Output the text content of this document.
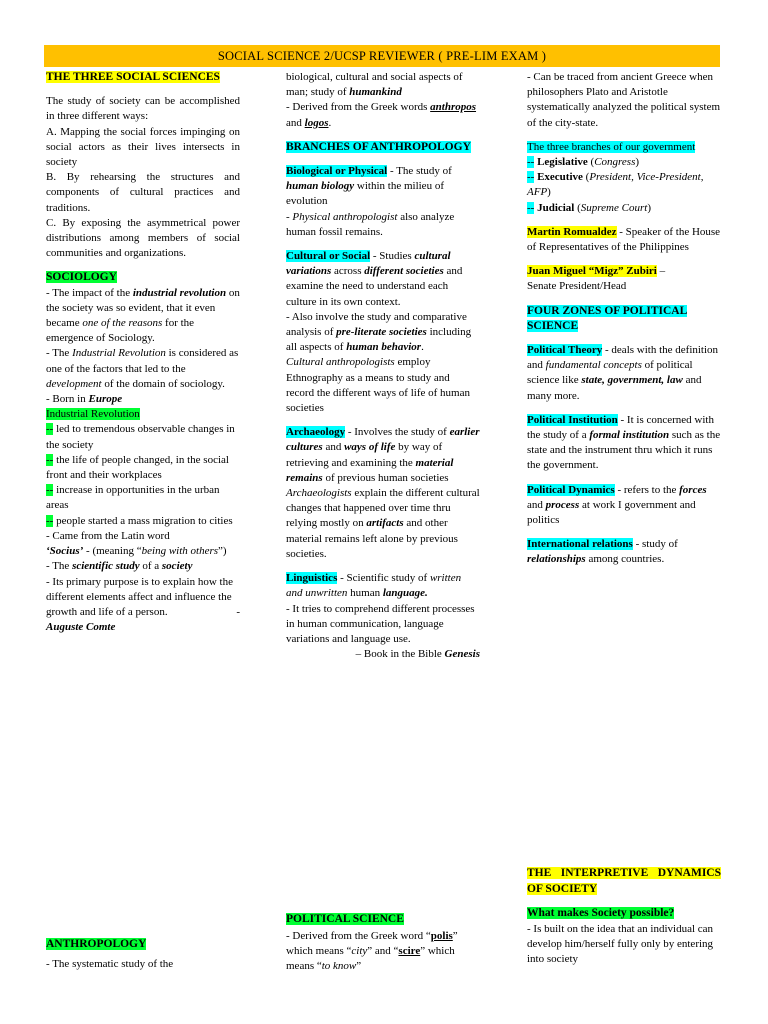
SOCIAL SCIENCE 2/UCSP REVIEWER ( PRE-LIM EXAM )

THE THREE SOCIAL SCIENCES

The study of society can be accomplished in three different ways:

A. Mapping the social forces impinging on social actors as their lives intersects in society

B. By rehearsing the structures and components of cultural practices and traditions.

C. By exposing the asymmetrical power distributions among members of social communities and organizations.

SOCIOLOGY

- The impact of the industrial revolution on the society was so evident, that it even became one of the reasons for the emergence of Sociology.

- The Industrial Revolution is considered as one of the factors that led to the development of the domain of sociology.

- Born in Europe

Industrial Revolution

-- led to tremendous observable changes in the society

-- the life of people changed, in the social front and their workplaces

-- increase in opportunities in the urban areas

-- people started a mass migration to cities

- Came from the Latin word
‘Socius’ - (meaning “being with others”)

- The scientific study of a society

- Its primary purpose is to explain how the different elements affect and influence the growth and life of a person.	-
Auguste Comte

ANTHROPOLOGY

- The systematic study of the

biological, cultural and social aspects of man; study of humankind

- Derived from the Greek words anthropos and logos.

BRANCHES OF ANTHROPOLOGY

Biological or Physical - The study of human biology within the milieu of evolution

- Physical anthropologist also analyze human fossil remains.

Cultural or Social - Studies cultural variations across different societies and examine the need to understand each culture in its own context.

- Also involve the study and comparative analysis of pre-literate societies including all aspects of human behavior.

Cultural anthropologists employ Ethnography as a means to study and record the different ways of life of human societies

Archaeology - Involves the study of earlier cultures and ways of life by way of retrieving and examining the material remains of previous human societies

Archaeologists explain the different cultural changes that happened over time thru relying mostly on artifacts and other material remains left alone by previous societies.

Linguistics - Scientific study of written and unwritten human language.

- It tries to comprehend different processes in human communication, language variations and language use.

– Book in the Bible Genesis

POLITICAL SCIENCE

- Derived from the Greek word “polis” which means “city” and “scire” which means “to know”

- Can be traced from ancient Greece when philosophers Plato and Aristotle systematically analyzed the political system of the city-state.

The three branches of our government

-- Legislative (Congress)

-- Executive (President, Vice-President, AFP)

-- Judicial (Supreme Court)

Martin Romualdez - Speaker of the House of Representatives of the Philippines

Juan Miguel “Migz” Zubiri –
Senate President/Head

FOUR ZONES OF POLITICAL SCIENCE

Political Theory - deals with the definition and fundamental concepts of political science like state, government, law and many more.

Political Institution - It is concerned with the study of a formal institution such as the state and the instrument thru which it runs the government.

Political Dynamics - refers to the forces and process at work I government and politics

International relations - study of relationships among countries.

THE INTERPRETIVE DYNAMICS OF SOCIETY

What makes Society possible?

- Is built on the idea that an individual can develop him/herself fully only by entering into society
